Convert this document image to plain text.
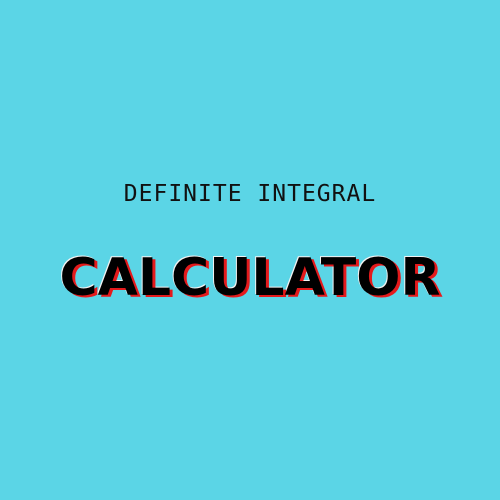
DEFINITE INTEGRAL
CALCULATOR
